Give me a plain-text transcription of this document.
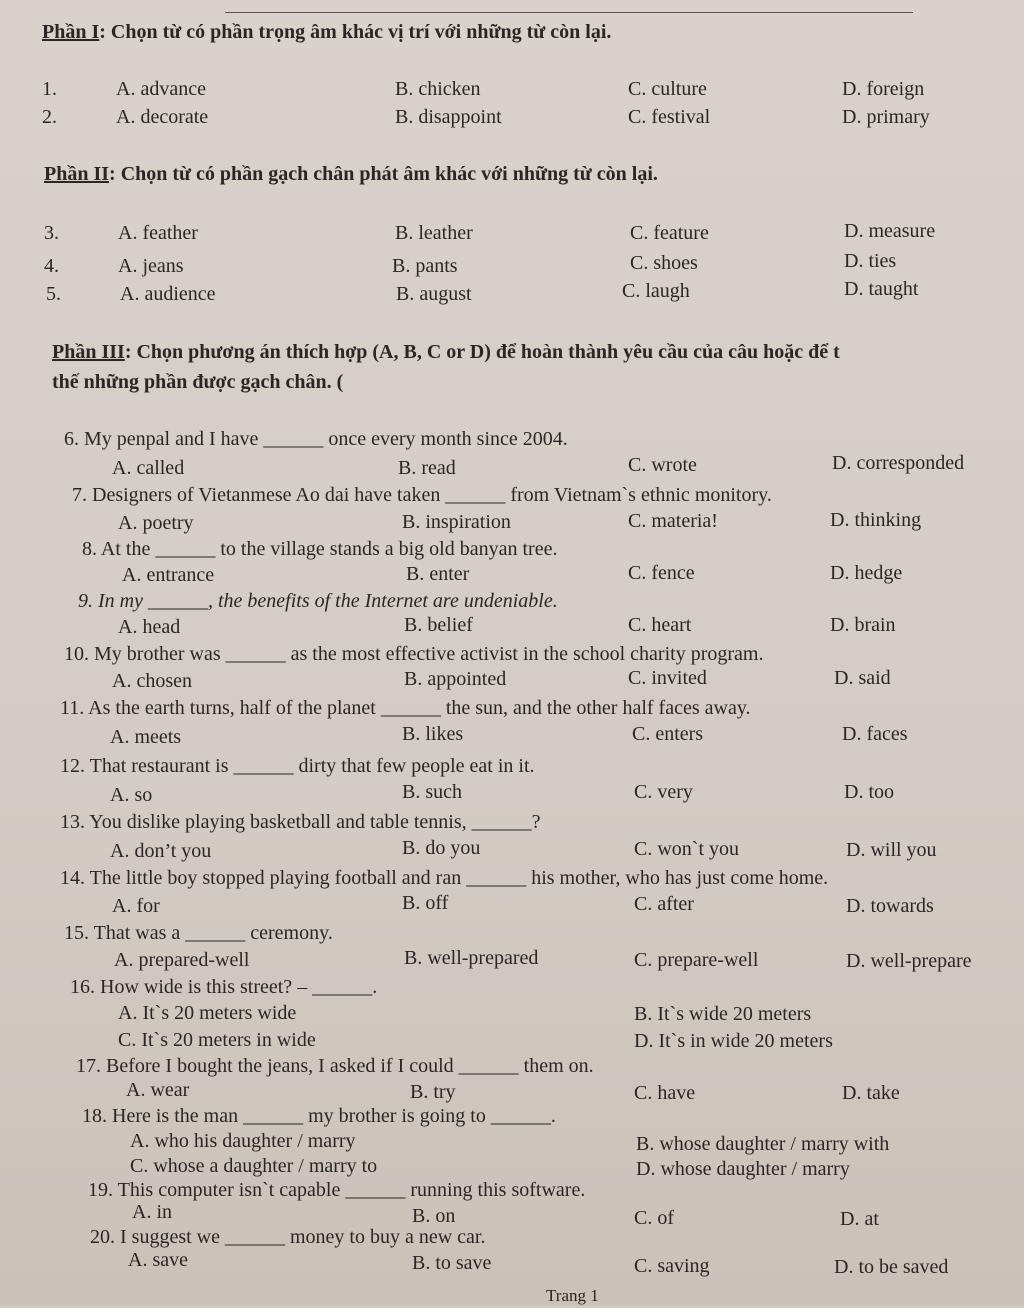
Phần I: Chọn từ có phần trọng âm khác vị trí với những từ còn lại.
1.	A. advance	B. chicken	C. culture	D. foreign
2.	A. decorate	B. disappoint	C. festival	D. primary
Phần II: Chọn từ có phần gạch chân phát âm khác với những từ còn lại.
3.	A. feather	B. leather	C. feature	D. measure
4.	A. jeans	B. pants	C. shoes	D. ties
5.	A. audience	B. august	C. laugh	D. taught
Phần III: Chọn phương án thích hợp (A, B, C or D) để hoàn thành yêu cầu của câu hoặc để t
thế những phần được gạch chân. (
6. My penpal and I have ______ once every month since 2004.
A. called	B. read	C. wrote	D. corresponded
7. Designers of Vietanmese Ao dai have taken ______ from Vietnam`s ethnic monitory.
A. poetry	B. inspiration	C. materia!	D. thinking
8. At the ______ to the village stands a big old banyan tree.
A. entrance	B. enter	C. fence	D. hedge
9. In my ______, the benefits of the Internet are undeniable.
A. head	B. belief	C. heart	D. brain
10. My brother was ______ as the most effective activist in the school charity program.
A. chosen	B. appointed	C. invited	D. said
11. As the earth turns, half of the planet ______ the sun, and the other half faces away.
A. meets	B. likes	C. enters	D. faces
12. That restaurant is ______ dirty that few people eat in it.
A. so	B. such	C. very	D. too
13. You dislike playing basketball and table tennis, ______?
A. don’t you	B. do you	C. won`t you	D. will you
14. The little boy stopped playing football and ran ______ his mother, who has just come home.
A. for	B. off	C. after	D. towards
15. That was a ______ ceremony.
A. prepared-well	B. well-prepared	C. prepare-well	D. well-prepare
16. How wide is this street? – ______.
A. It`s 20 meters wide	B. It`s wide 20 meters
C. It`s 20 meters in wide	D. It`s in wide 20 meters
17. Before I bought the jeans, I asked if I could ______ them on.
A. wear	B. try	C. have	D. take
18. Here is the man ______ my brother is going to ______.
A. who his daughter / marry	B. whose daughter / marry with
C. whose a daughter / marry to	D. whose daughter / marry
19. This computer isn`t capable ______ running this software.
A. in	B. on	C. of	D. at
20. I suggest we ______ money to buy a new car.
A. save	B. to save	C. saving	D. to be saved
Trang 1
